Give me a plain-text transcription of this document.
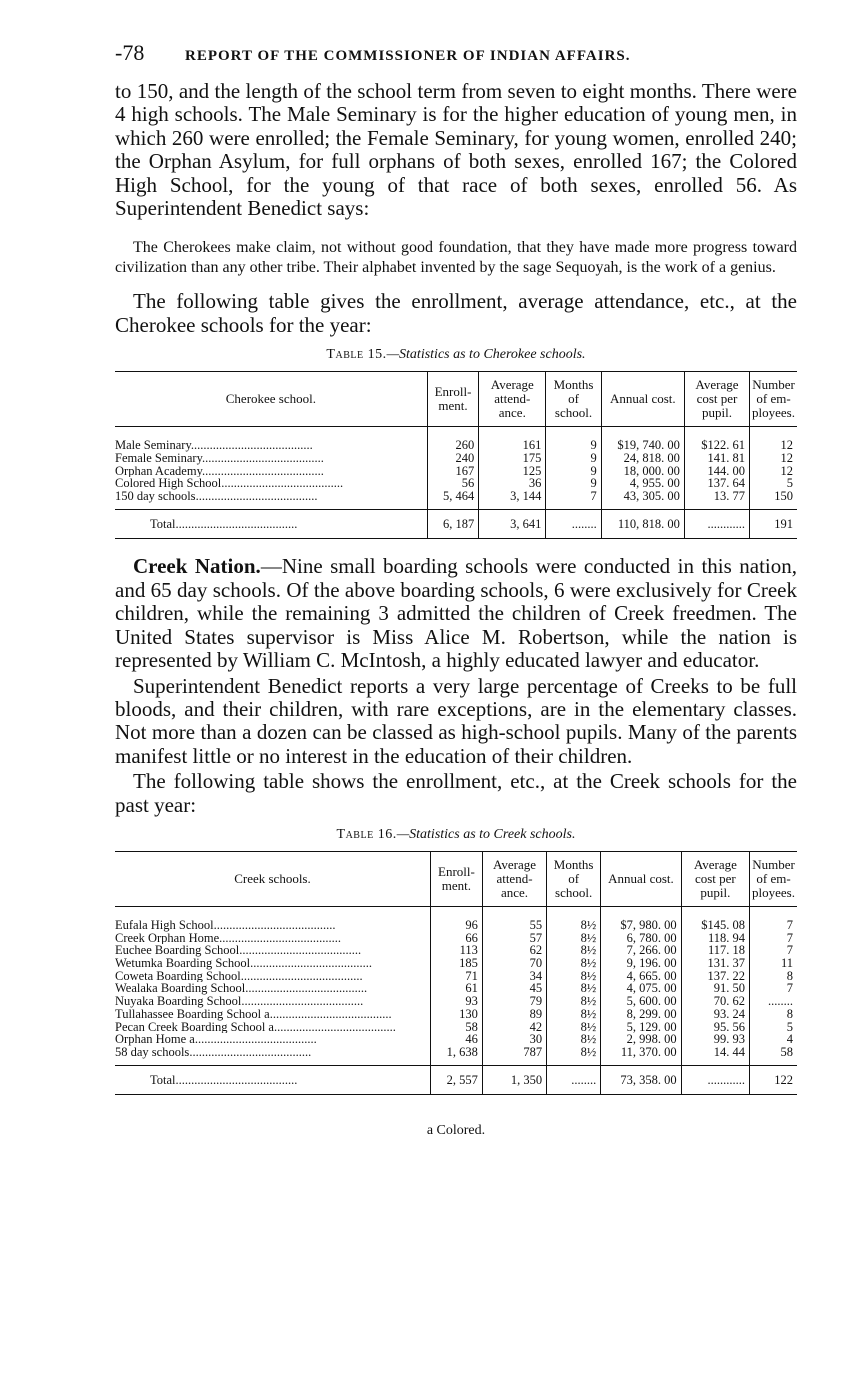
-78	REPORT OF THE COMMISSIONER OF INDIAN AFFAIRS.

to 150, and the length of the school term from seven to eight months. There were 4 high schools. The Male Seminary is for the higher education of young men, in which 260 were enrolled; the Female Seminary, for young women, enrolled 240; the Orphan Asylum, for full orphans of both sexes, enrolled 167; the Colored High School, for the young of that race of both sexes, enrolled 56. As Superintendent Benedict says:

The Cherokees make claim, not without good foundation, that they have made more progress toward civilization than any other tribe. Their alphabet invented by the sage Sequoyah, is the work of a genius.

The following table gives the enrollment, average attendance, etc., at the Cherokee schools for the year:

Table 15.—Statistics as to Cherokee schools.
Cherokee school.	Enroll-ment.	Average attend-ance.	Months of school.	Annual cost.	Average cost per pupil.	Number of em-ployees.
Male Seminary.......................................	260	161	9	$19, 740. 00	$122. 61	12
Female Seminary.......................................	240	175	9	24, 818. 00	141. 81	12
Orphan Academy.......................................	167	125	9	18, 000. 00	144. 00	12
Colored High School.......................................	56	36	9	4, 955. 00	137. 64	5
150 day schools.......................................	5, 464	3, 144	7	43, 305. 00	13. 77	150
Total.......................................	6, 187	3, 641	........	110, 818. 00	............	191

Creek Nation.—Nine small boarding schools were conducted in this nation, and 65 day schools. Of the above boarding schools, 6 were exclusively for Creek children, while the remaining 3 admitted the children of Creek freedmen. The United States supervisor is Miss Alice M. Robertson, while the nation is represented by William C. McIntosh, a highly educated lawyer and educator.

Superintendent Benedict reports a very large percentage of Creeks to be full bloods, and their children, with rare exceptions, are in the elementary classes. Not more than a dozen can be classed as high-school pupils. Many of the parents manifest little or no interest in the education of their children.

The following table shows the enrollment, etc., at the Creek schools for the past year:

Table 16.—Statistics as to Creek schools.
Creek schools.	Enroll-ment.	Average attend-ance.	Months of school.	Annual cost.	Average cost per pupil.	Number of em-ployees.
Eufala High School.......................................	96	55	8½	$7, 980. 00	$145. 08	7
Creek Orphan Home.......................................	66	57	8½	6, 780. 00	118. 94	7
Euchee Boarding School.......................................	113	62	8½	7, 266. 00	117. 18	7
Wetumka Boarding School.......................................	185	70	8½	9, 196. 00	131. 37	11
Coweta Boarding School.......................................	71	34	8½	4, 665. 00	137. 22	8
Wealaka Boarding School.......................................	61	45	8½	4, 075. 00	91. 50	7
Nuyaka Boarding School.......................................	93	79	8½	5, 600. 00	70. 62	........
Tullahassee Boarding School a.......................................	130	89	8½	8, 299. 00	93. 24	8
Pecan Creek Boarding School a.......................................	58	42	8½	5, 129. 00	95. 56	5
Orphan Home a.......................................	46	30	8½	2, 998. 00	99. 93	4
58 day schools.......................................	1, 638	787	8½	11, 370. 00	14. 44	58
Total.......................................	2, 557	1, 350	........	73, 358. 00	............	122
a Colored.
